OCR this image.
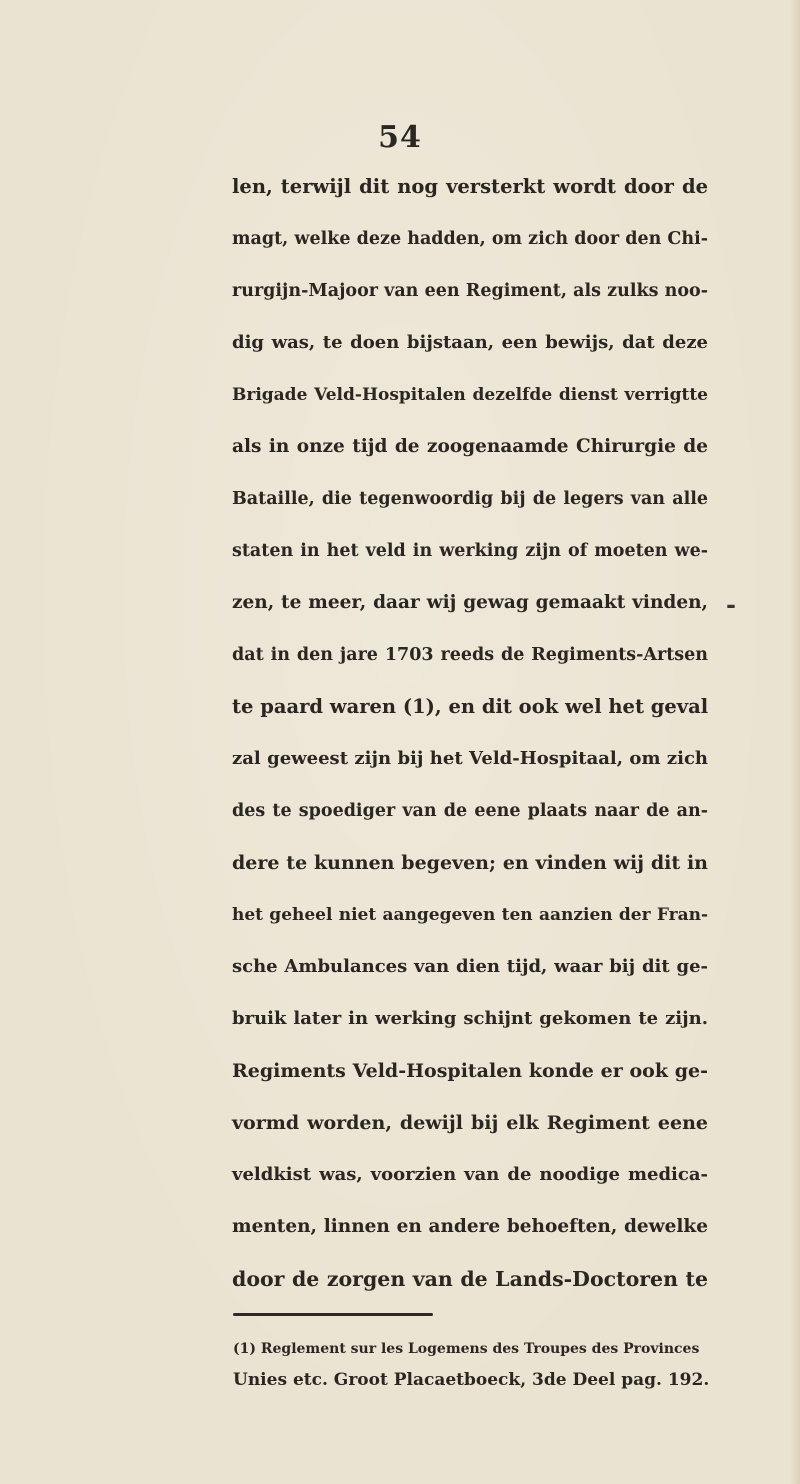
54
len, terwijl dit nog versterkt wordt door de
magt, welke deze hadden, om zich door den Chi-
rurgijn-Majoor van een Regiment, als zulks noo-
dig was, te doen bijstaan, een bewijs, dat deze
Brigade Veld-Hospitalen dezelfde dienst verrigtte
als in onze tijd de zoogenaamde Chirurgie de
Bataille, die tegenwoordig bij de legers van alle
staten in het veld in werking zijn of moeten we-
zen, te meer, daar wij gewag gemaakt vinden,
dat in den jare 1703 reeds de Regiments-Artsen
te paard waren (1), en dit ook wel het geval
zal geweest zijn bij het Veld-Hospitaal, om zich
des te spoediger van de eene plaats naar de an-
dere te kunnen begeven; en vinden wij dit in
het geheel niet aangegeven ten aanzien der Fran-
sche Ambulances van dien tijd, waar bij dit ge-
bruik later in werking schijnt gekomen te zijn.
Regiments Veld-Hospitalen konde er ook ge-
vormd worden, dewijl bij elk Regiment eene
veldkist was, voorzien van de noodige medica-
menten, linnen en andere behoeften, dewelke
door de zorgen van de Lands-Doctoren te
-
(1) Reglement sur les Logemens des Troupes des Provinces
Unies etc. Groot Placaetboeck, 3de Deel pag. 192.
